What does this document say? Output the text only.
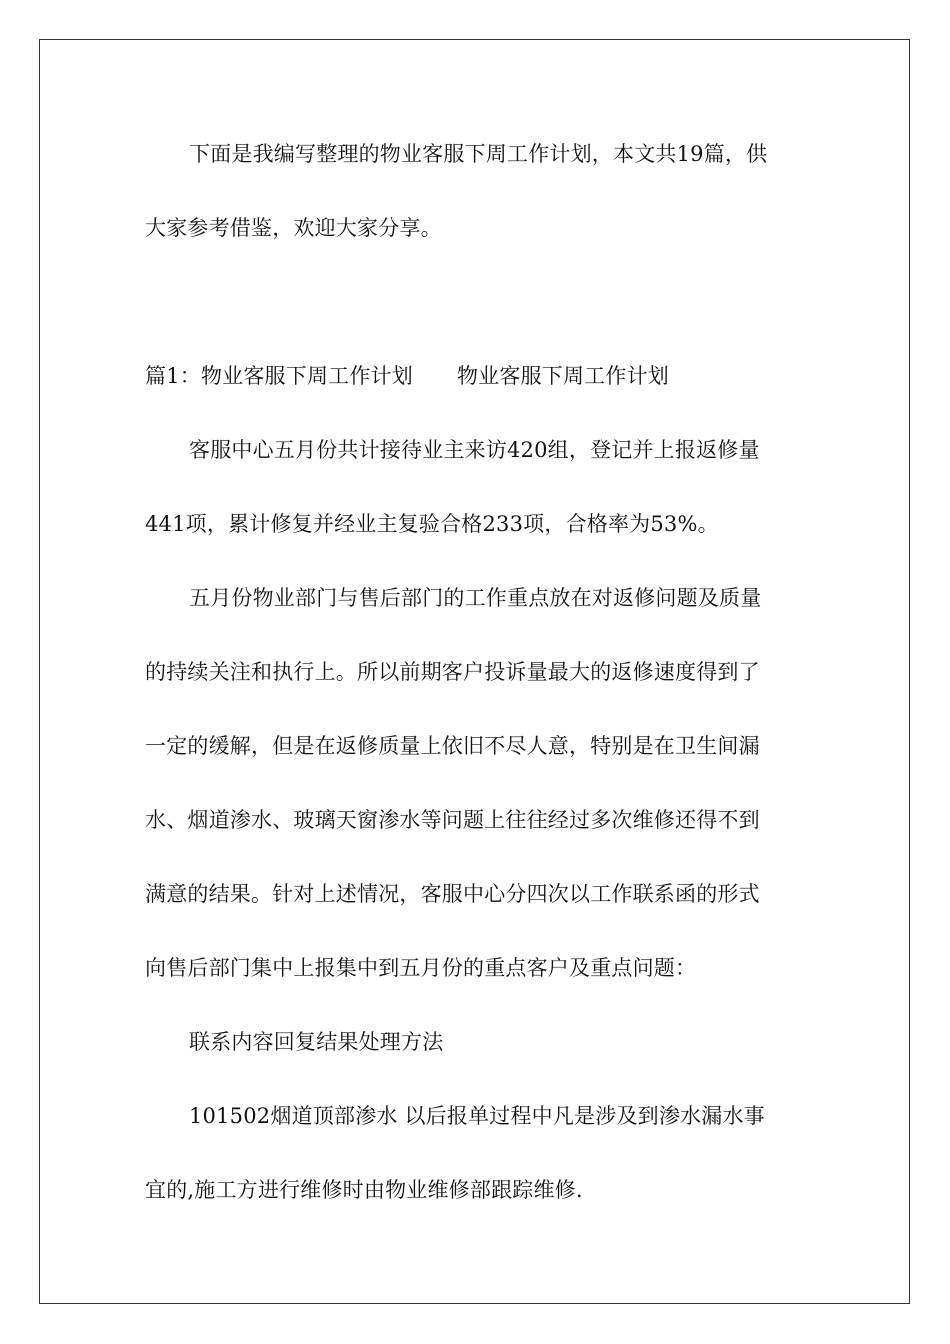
下面是我编写整理的物业客服下周工作计划，本文共19篇，供
大家参考借鉴，欢迎大家分享。
篇1：物业客服下周工作计划 物业客服下周工作计划
客服中心五月份共计接待业主来访420组，登记并上报返修量
441项，累计修复并经业主复验合格233项，合格率为53%。
五月份物业部门与售后部门的工作重点放在对返修问题及质量
的持续关注和执行上。所以前期客户投诉量最大的返修速度得到了
一定的缓解，但是在返修质量上依旧不尽人意，特别是在卫生间漏
水、烟道渗水、玻璃天窗渗水等问题上往往经过多次维修还得不到
满意的结果。针对上述情况，客服中心分四次以工作联系函的形式
向售后部门集中上报集中到五月份的重点客户及重点问题：
联系内容回复结果处理方法
101502烟道顶部渗水 以后报单过程中凡是涉及到渗水漏水事
宜的,施工方进行维修时由物业维修部跟踪维修.
